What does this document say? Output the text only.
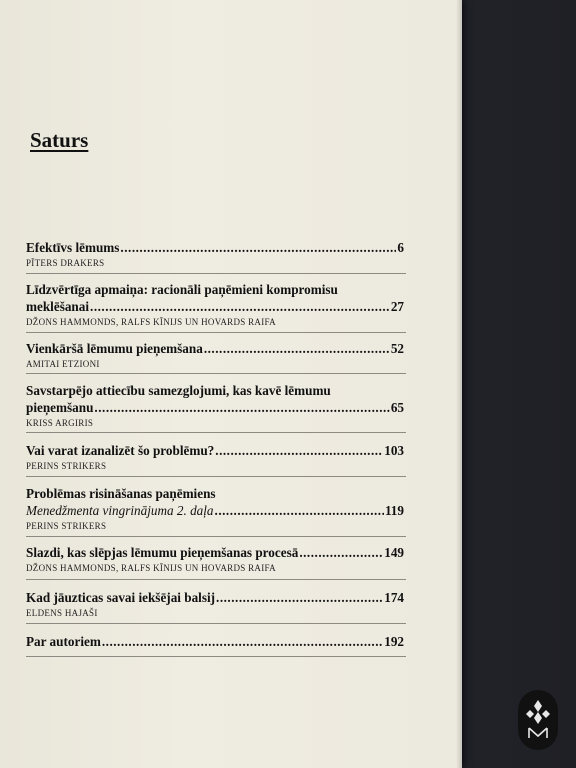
Saturs
Efektīvs lēmums .....	6
PĪTERS DRAKERS
Līdzvērtīga apmaiņa: racionāli paņēmieni kompromisu
meklēšanai .....	27
DŽONS HAMMONDS, RALFS KĪNIJS UN HOVARDS RAIFA
Vienkāršā lēmumu pieņemšana .....	52
AMITAI ETZIONI
Savstarpējo attiecību samezglojumi, kas kavē lēmumu
pieņemšanu .....	65
KRISS ARGIRIS
Vai varat izanalizēt šo problēmu? .....	103
PERINS STRIKERS
Problēmas risināšanas paņēmiens
Menedžmenta vingrinājuma 2. daļa .....	119
PERINS STRIKERS
Slazdi, kas slēpjas lēmumu pieņemšanas procesā .....	149
DŽONS HAMMONDS, RALFS KĪNIJS UN HOVARDS RAIFA
Kad jāuzticas savai iekšējai balsij .....	174
ELDENS HAJAŠI
Par autoriem .....	192
